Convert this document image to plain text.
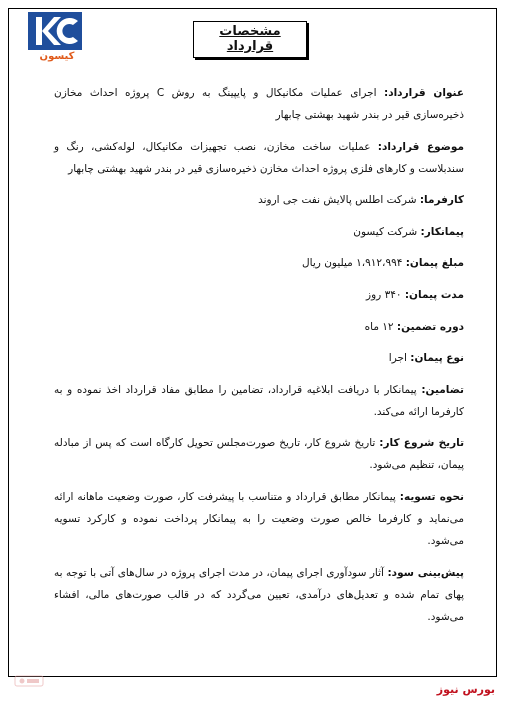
کیسون
مشخصات قرارداد

عنوان قرارداد: اجرای عملیات مکانیکال و پایپینگ به روش C پروژه احداث مخازن ذخیره‌سازی قیر در بندر شهید بهشتی چابهار

موضوع قرارداد: عملیات ساخت مخازن، نصب تجهیزات مکانیکال، لوله‌کشی، رنگ و سندبلاست و کارهای فلزی پروژه احداث مخازن ذخیره‌سازی قیر در بندر شهید بهشتی چابهار

کارفرما: شرکت اطلس پالایش نفت جی اروند

پیمانکار: شرکت کیسون

مبلغ پیمان: ۱،۹۱۲،۹۹۴ میلیون ریال

مدت پیمان: ۳۴۰ روز

دوره تضمین: ۱۲ ماه

نوع پیمان: اجرا

تضامین: پیمانکار با دریافت ابلاغیه قرارداد، تضامین را مطابق مفاد قرارداد اخذ نموده و به کارفرما ارائه می‌کند.

تاریخ شروع کار: تاریخ شروع کار، تاریخ صورت‌مجلس تحویل کارگاه است که پس از مبادله پیمان، تنظیم می‌شود.

نحوه تسویه: پیمانکار مطابق قرارداد و متناسب با پیشرفت کار، صورت وضعیت ماهانه ارائه می‌نماید و کارفرما خالص صورت وضعیت را به پیمانکار پرداخت نموده و کارکرد تسویه می‌شود.

پیش‌بینی سود: آثار سودآوری اجرای پیمان، در مدت اجرای پروژه در سال‌های آتی با توجه به پهای تمام شده و تعدیل‌های درآمدی، تعیین می‌گردد که در قالب صورت‌های مالی، افشاء می‌شود.

بورس نیوز
